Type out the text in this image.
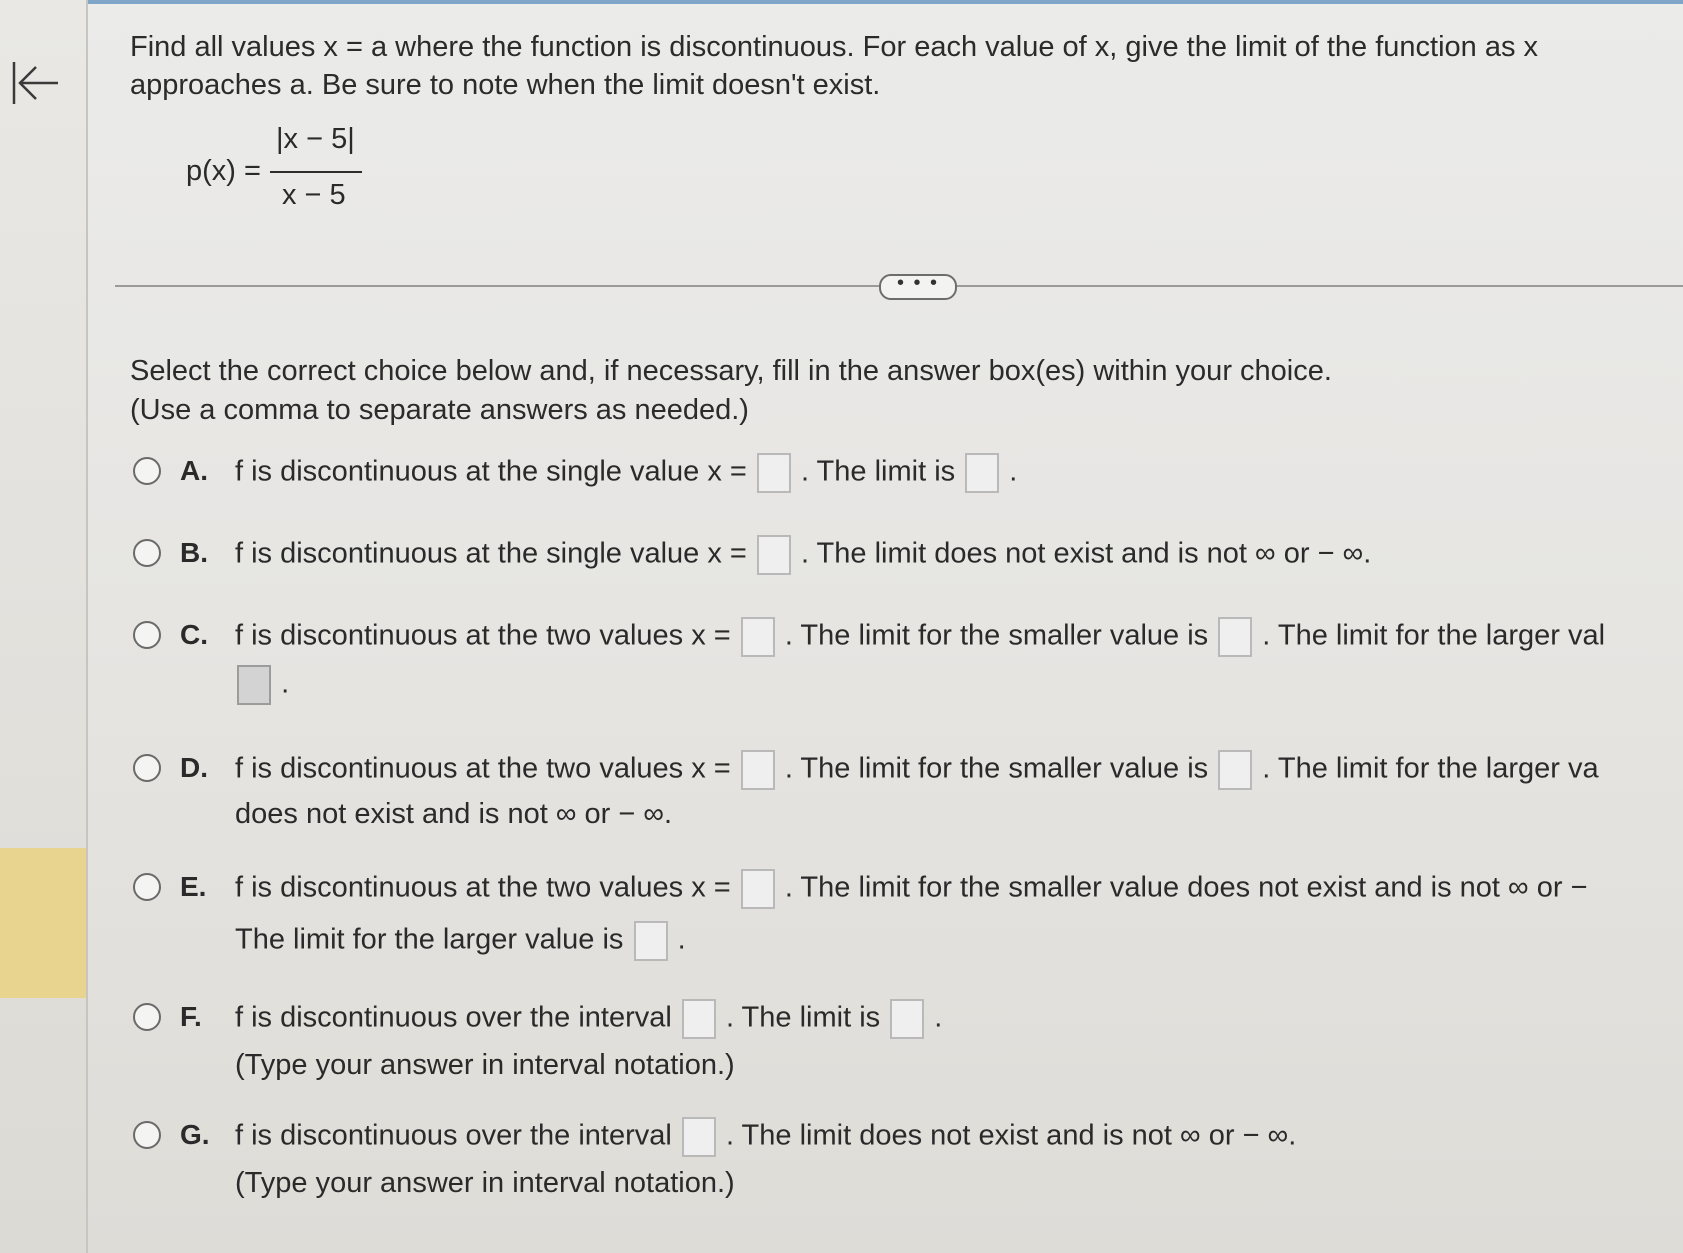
Find all values x = a where the function is discontinuous. For each value of x, give the limit of the function as x approaches a. Be sure to note when the limit doesn't exist.
p(x) =
|x − 5|
x − 5
• • •
Select the correct choice below and, if necessary, fill in the answer box(es) within your choice.
(Use a comma to separate answers as needed.)
A. f is discontinuous at the single value x = . The limit is .
B. f is discontinuous at the single value x = . The limit does not exist and is not ∞ or − ∞.
C. f is discontinuous at the two values x = . The limit for the smaller value is . The limit for the larger val
.
D. f is discontinuous at the two values x = . The limit for the smaller value is . The limit for the larger va
does not exist and is not ∞ or − ∞.
E. f is discontinuous at the two values x = . The limit for the smaller value does not exist and is not ∞ or −
The limit for the larger value is .
F. f is discontinuous over the interval . The limit is .
(Type your answer in interval notation.)
G. f is discontinuous over the interval . The limit does not exist and is not ∞ or − ∞.
(Type your answer in interval notation.)
